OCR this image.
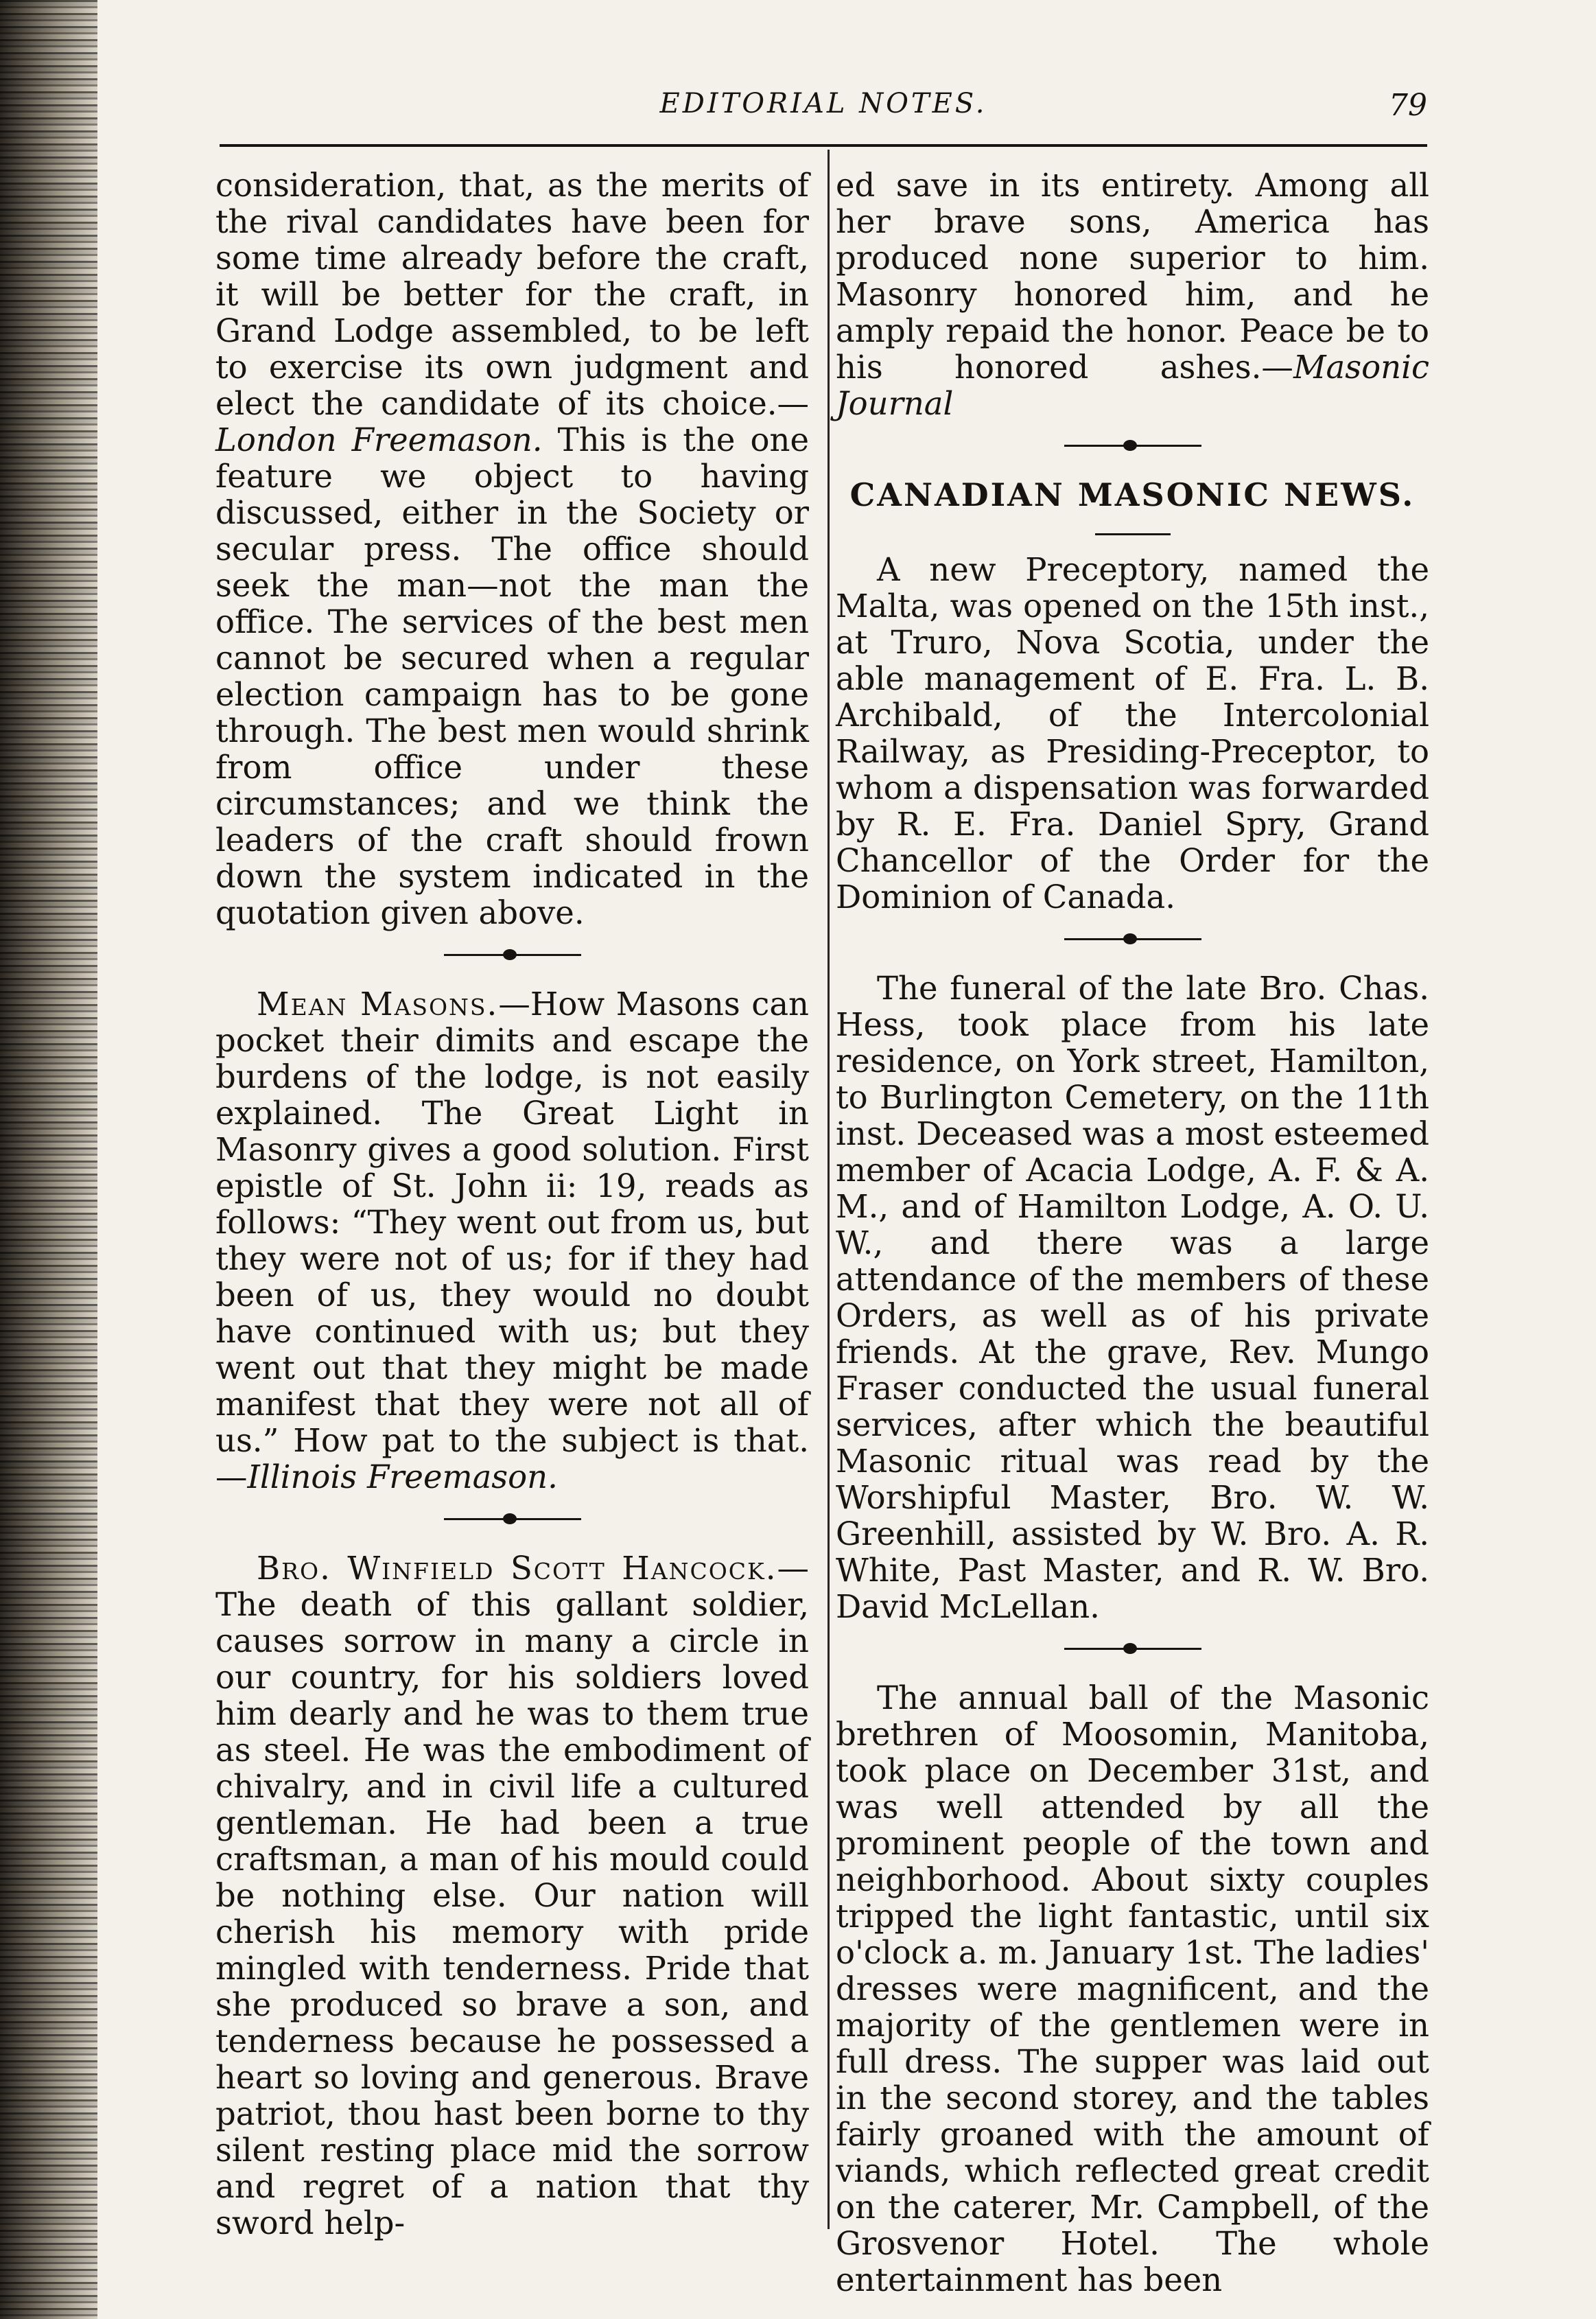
EDITORIAL NOTES.	79

consideration, that, as the merits of the rival candidates have been for some time already before the craft, it will be better for the craft, in Grand Lodge assembled, to be left to exercise its own judgment and elect the candidate of its choice.—London Freemason. This is the one feature we object to having discussed, either in the Society or secular press. The office should seek the man—not the man the office. The services of the best men cannot be secured when a regular election campaign has to be gone through. The best men would shrink from office under these circumstances; and we think the leaders of the craft should frown down the system indicated in the quotation given above.

Mean Masons.—How Masons can pocket their dimits and escape the burdens of the lodge, is not easily explained. The Great Light in Masonry gives a good solution. First epistle of St. John ii: 19, reads as follows: “They went out from us, but they were not of us; for if they had been of us, they would no doubt have continued with us; but they went out that they might be made manifest that they were not all of us.” How pat to the subject is that.—Illinois Freemason.

Bro. Winfield Scott Hancock.—The death of this gallant soldier, causes sorrow in many a circle in our country, for his soldiers loved him dearly and he was to them true as steel. He was the embodiment of chivalry, and in civil life a cultured gentleman. He had been a true craftsman, a man of his mould could be nothing else. Our nation will cherish his memory with pride mingled with tenderness. Pride that she produced so brave a son, and tenderness because he possessed a heart so loving and generous. Brave patriot, thou hast been borne to thy silent resting place mid the sorrow and regret of a nation that thy sword help-

ed save in its entirety. Among all her brave sons, America has produced none superior to him. Masonry honored him, and he amply repaid the honor. Peace be to his honored ashes.—Masonic Journal

CANADIAN MASONIC NEWS.

A new Preceptory, named the Malta, was opened on the 15th inst., at Truro, Nova Scotia, under the able management of E. Fra. L. B. Archibald, of the Intercolonial Railway, as Presiding-Preceptor, to whom a dispensation was forwarded by R. E. Fra. Daniel Spry, Grand Chancellor of the Order for the Dominion of Canada.

The funeral of the late Bro. Chas. Hess, took place from his late residence, on York street, Hamilton, to Burlington Cemetery, on the 11th inst. Deceased was a most esteemed member of Acacia Lodge, A. F. & A. M., and of Hamilton Lodge, A. O. U. W., and there was a large attendance of the members of these Orders, as well as of his private friends. At the grave, Rev. Mungo Fraser conducted the usual funeral services, after which the beautiful Masonic ritual was read by the Worshipful Master, Bro. W. W. Greenhill, assisted by W. Bro. A. R. White, Past Master, and R. W. Bro. David McLellan.

The annual ball of the Masonic brethren of Moosomin, Manitoba, took place on December 31st, and was well attended by all the prominent people of the town and neighborhood. About sixty couples tripped the light fantastic, until six o'clock a. m. January 1st. The ladies' dresses were magnificent, and the majority of the gentlemen were in full dress. The supper was laid out in the second storey, and the tables fairly groaned with the amount of viands, which reflected great credit on the caterer, Mr. Campbell, of the Grosvenor Hotel. The whole entertainment has been
